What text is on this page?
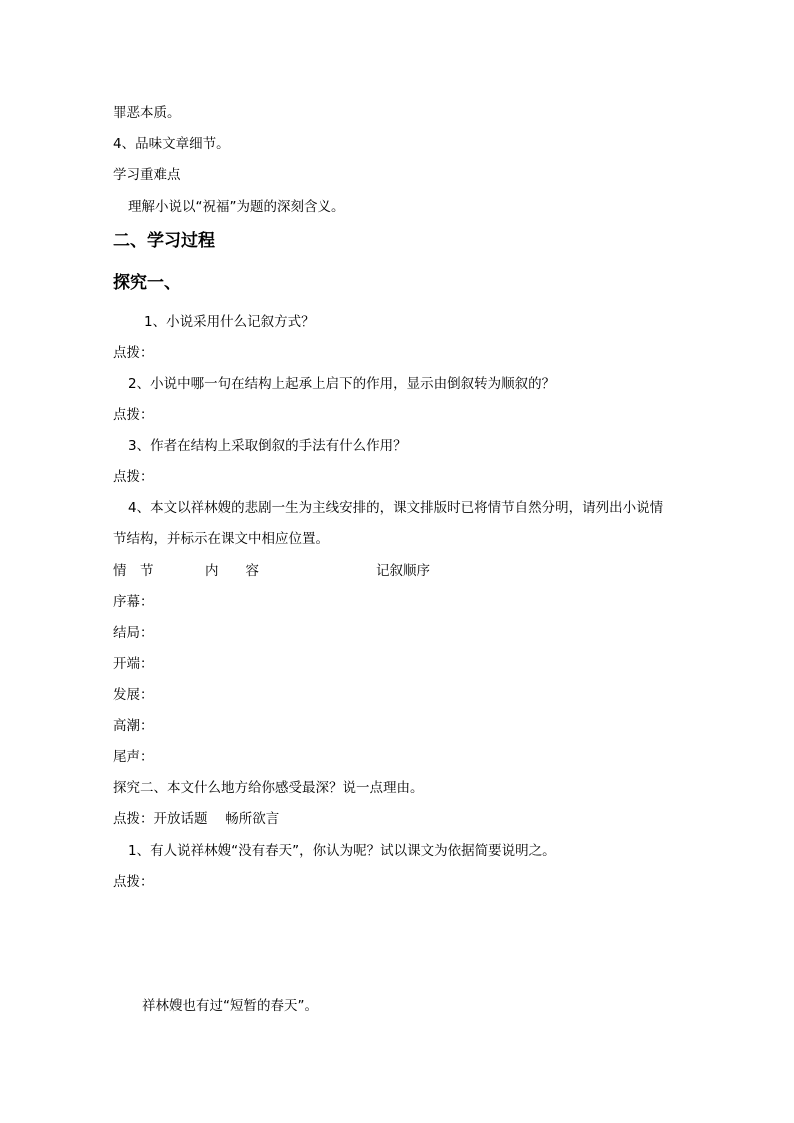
罪恶本质。
4、品味文章细节。
学习重难点
理解小说以“祝福”为题的深刻含义。
二、学习过程
探究一、
1、小说采用什么记叙方式？
点拨：
2、小说中哪一句在结构上起承上启下的作用，显示由倒叙转为顺叙的？
点拨：
3、作者在结构上采取倒叙的手法有什么作用？
点拨：
4、本文以祥林嫂的悲剧一生为主线安排的，课文排版时已将情节自然分明，请列出小说情
节结构，并标示在课文中相应位置。
情　节	内　　容	记叙顺序
序幕：
结局：
开端：
发展：
高潮：
尾声：
探究二、本文什么地方给你感受最深？说一点理由。
点拨：开放话题　 畅所欲言
1、有人说祥林嫂“没有春天”，你认为呢？试以课文为依据简要说明之。
点拨：
祥林嫂也有过“短暂的春天”。
